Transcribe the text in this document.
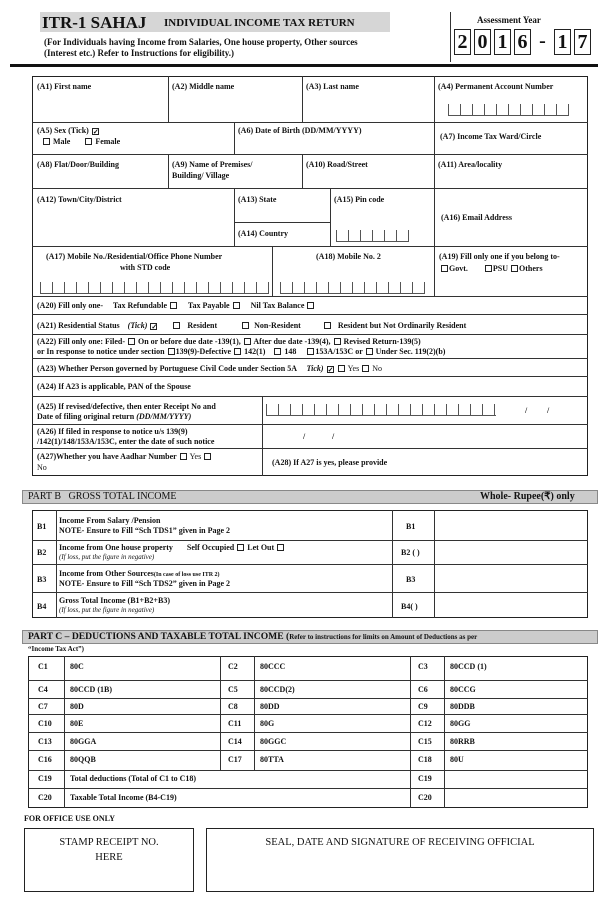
ITR-1 SAHAJ INDIVIDUAL INCOME TAX RETURN
(For Individuals having Income from Salaries, One house property, Other sources
(Interest etc.) Refer to Instructions for eligibility.)
Assessment Year
2 0 1 6 - 1 7
(A1) First name	(A2) Middle name	(A3) Last name	(A4) Permanent Account Number
(A5) Sex (Tick) ✓
Male	Female
(A6) Date of Birth (DD/MM/YYYY)
(A7) Income Tax Ward/Circle
(A8) Flat/Door/Building	(A9) Name of Premises/
Building/ Village
(A10) Road/Street	(A11) Area/locality
(A12) Town/City/District	(A13) State
(A14) Country
(A15) Pin code
(A16) Email Address
(A17) Mobile No./Residential/Office Phone Number
with STD code
(A18) Mobile No. 2	(A19) Fill only one if you belong to-
Govt.	PSU Others
(A20) Fill only one- Tax Refundable	Tax Payable	Nil Tax Balance
(A21) Residential Status (Tick) ✓	Resident	Non-Resident	Resident but Not Ordinarily Resident
(A22) Fill only one: Filed- On or before due date -139(1), After due date -139(4), Revised Return-139(5)
or In response to notice under section 139(9)-Defective 142(1) 148 153A/153C or Under Sec. 119(2)(b)
(A23) Whether Person governed by Portuguese Civil Code under Section 5A Tick) ✓	Yes No
(A24) If A23 is applicable, PAN of the Spouse
(A25) If revised/defective, then enter Receipt No and
Date of filing original return (DD/MM/YYYY)
/ /
(A26) If filed in response to notice u/s 139(9)
/142(1)/148/153A/153C, enter the date of such notice
/	/
(A27)Whether you have Aadhar Number Yes
No
(A28) If A27 is yes, please provide
PART B   GROSS TOTAL INCOME	Whole- Rupee(₹) only
B1
Income From Salary /Pension
NOTE- Ensure to Fill “Sch TDS1” given in Page 2	B1
B2
Income from One house property Self Occupied Let Out
(If loss, put the figure in negative)	B2 ( )
B3
Income from Other Sources(In case of loss use ITR 2)
NOTE- Ensure to Fill “Sch TDS2” given in Page 2	B3
B4
Gross Total Income (B1+B2+B3)
(If loss, put the figure in negative)	B4( )
PART C – DEDUCTIONS AND TAXABLE TOTAL INCOME (Refer to instructions for limits on Amount of Deductions as per
“Income Tax Act”)
C1	80C	C2	80CCC	C3	80CCD (1)
C4	80CCD (1B)	C5	80CCD(2)	C6	80CCG
C7	80D	C8	80DD	C9	80DDB
C10 80E	C11 80G	C12 80GG
C13 80GGA	C14 80GGC	C15 80RRB
C16 80QQB	C17 80TTA	C18 80U
C19 Total deductions (Total of C1 to C18)	C19
C20 Taxable Total Income (B4-C19)	C20
FOR OFFICE USE ONLY
STAMP RECEIPT NO.
HERE
SEAL, DATE AND SIGNATURE OF RECEIVING OFFICIAL
